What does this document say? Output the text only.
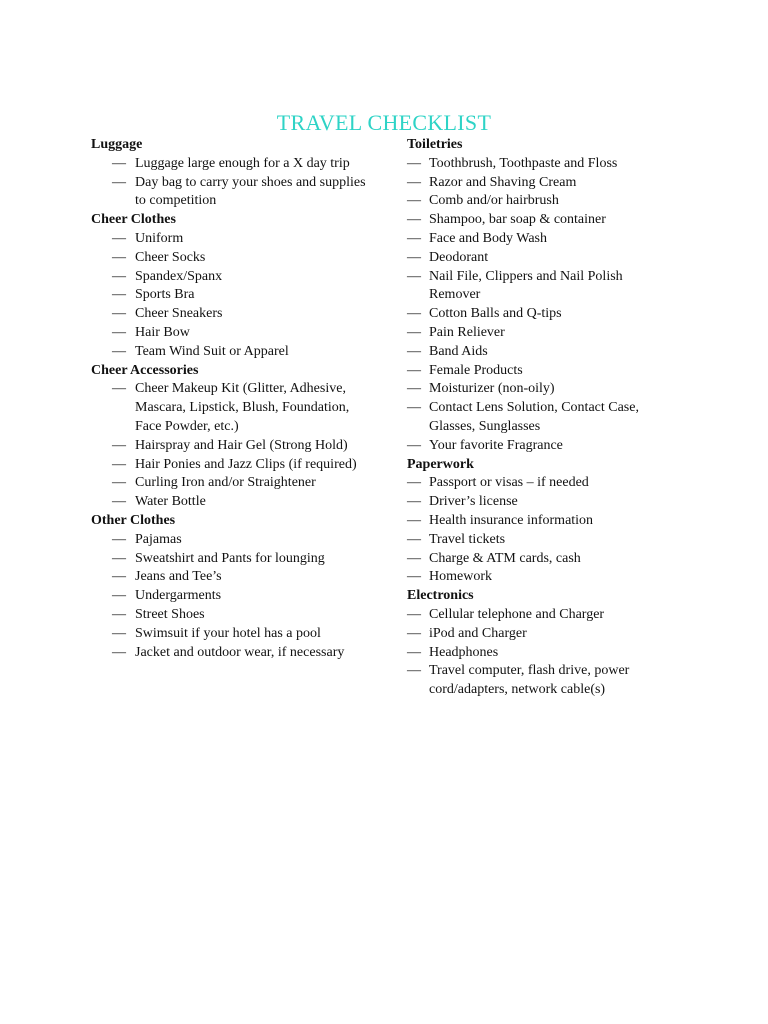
TRAVEL CHECKLIST
Luggage
— Luggage large enough for a X day trip
— Day bag to carry your shoes and supplies to competition
Cheer Clothes
— Uniform
— Cheer Socks
— Spandex/Spanx
— Sports Bra
— Cheer Sneakers
— Hair Bow
— Team Wind Suit or Apparel
Cheer Accessories
— Cheer Makeup Kit (Glitter, Adhesive, Mascara, Lipstick, Blush, Foundation, Face Powder, etc.)
— Hairspray and Hair Gel (Strong Hold)
— Hair Ponies and Jazz Clips (if required)
— Curling Iron and/or Straightener
— Water Bottle
Other Clothes
— Pajamas
— Sweatshirt and Pants for lounging
— Jeans and Tee’s
— Undergarments
— Street Shoes
— Swimsuit if your hotel has a pool
— Jacket and outdoor wear, if necessary
Toiletries
— Toothbrush, Toothpaste and Floss
— Razor and Shaving Cream
— Comb and/or hairbrush
— Shampoo, bar soap & container
— Face and Body Wash
— Deodorant
— Nail File, Clippers and Nail Polish Remover
— Cotton Balls and Q-tips
— Pain Reliever
— Band Aids
— Female Products
— Moisturizer (non-oily)
— Contact Lens Solution, Contact Case, Glasses, Sunglasses
— Your favorite Fragrance
Paperwork
— Passport or visas – if needed
— Driver’s license
— Health insurance information
— Travel tickets
— Charge & ATM cards, cash
— Homework
Electronics
— Cellular telephone and Charger
— iPod and Charger
— Headphones
— Travel computer, flash drive, power cord/adapters, network cable(s)
